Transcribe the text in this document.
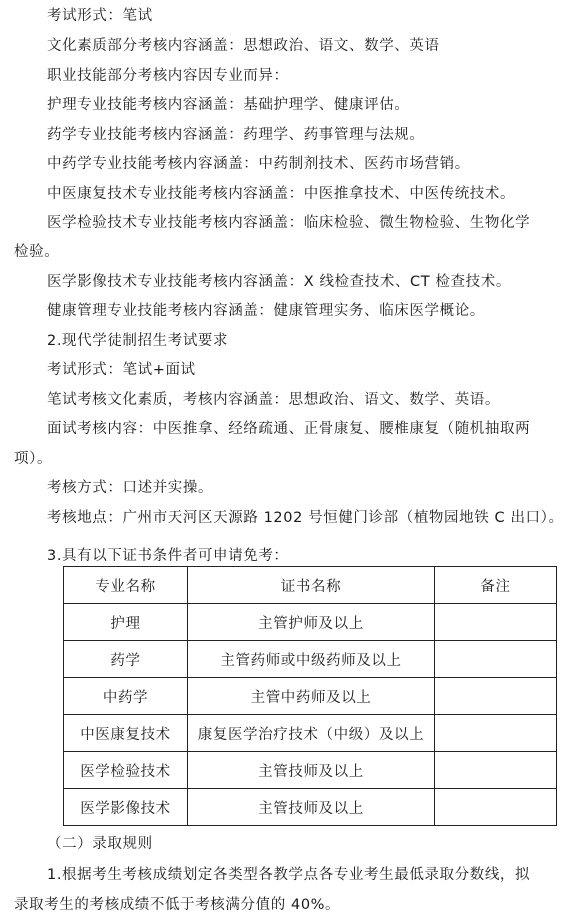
考试形式：笔试
文化素质部分考核内容涵盖：思想政治、语文、数学、英语
职业技能部分考核内容因专业而异：
护理专业技能考核内容涵盖：基础护理学、健康评估。
药学专业技能考核内容涵盖：药理学、药事管理与法规。
中药学专业技能考核内容涵盖：中药制剂技术、医药市场营销。
中医康复技术专业技能考核内容涵盖：中医推拿技术、中医传统技术。
医学检验技术专业技能考核内容涵盖：临床检验、微生物检验、生物化学
检验。
医学影像技术专业技能考核内容涵盖：X 线检查技术、CT 检查技术。
健康管理专业技能考核内容涵盖：健康管理实务、临床医学概论。
2.现代学徒制招生考试要求
考试形式：笔试+面试
笔试考核文化素质，考核内容涵盖：思想政治、语文、数学、英语。
面试考核内容：中医推拿、经络疏通、正骨康复、腰椎康复（随机抽取两
项）。
考核方式：口述并实操。
考核地点：广州市天河区天源路 1202 号恒健门诊部（植物园地铁 C 出口）。
3.具有以下证书条件者可申请免考：
专业名称	证书名称	备注
护理	主管护师及以上	
药学	主管药师或中级药师及以上	
中药学	主管中药师及以上	
中医康复技术	康复医学治疗技术（中级）及以上	
医学检验技术	主管技师及以上	
医学影像技术	主管技师及以上	
（二）录取规则
1.根据考生考核成绩划定各类型各教学点各专业考生最低录取分数线，拟
录取考生的考核成绩不低于考核满分值的 40%。
